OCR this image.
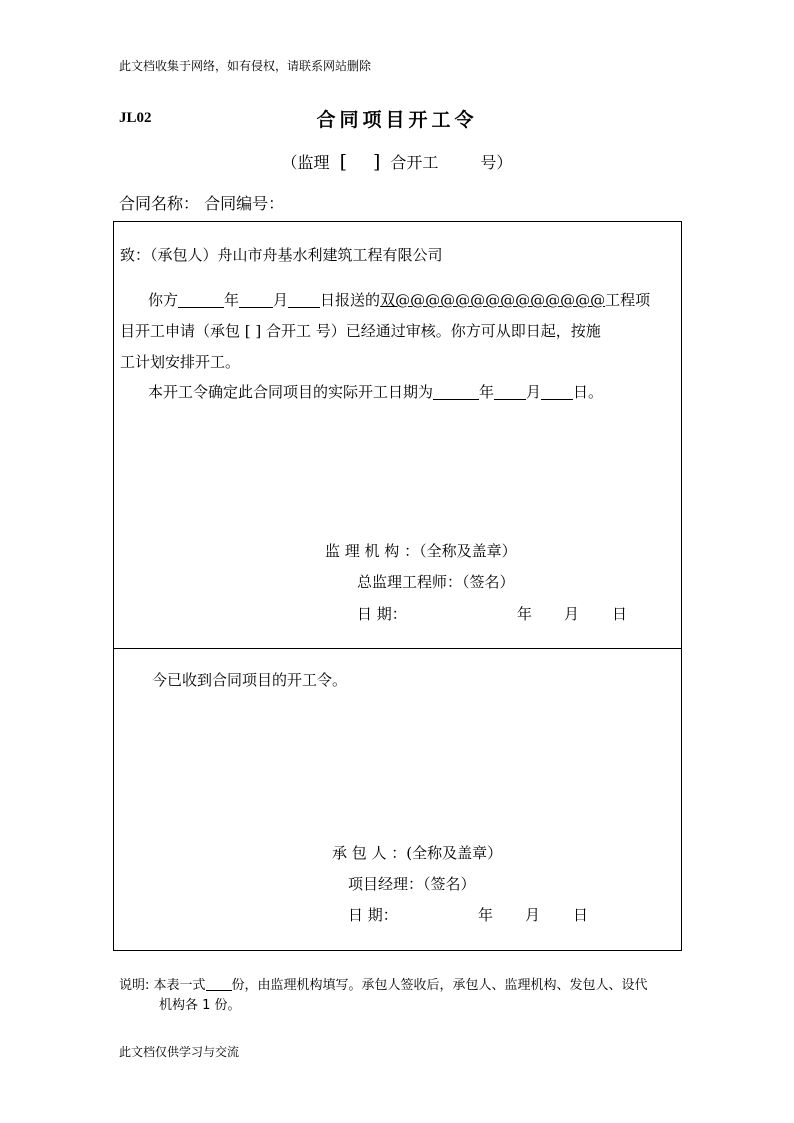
此文档收集于网络，如有侵权，请联系网站删除
JL02	合同项目开工令
（监理 [ ] 合开工	号）
合同名称： 合同编号：
致：（承包人）舟山市舟基水利建筑工程有限公司
你方	年 月 日报送的双@@@@@@@@@@@@@@工程项
目开工申请（承包 [ ] 合开工 号）已经通过审核。你方可从即日起，按施
工计划安排开工。
本开工令确定此合同项目的实际开工日期为	年 月 日。
监 理 机 构 ：（全称及盖章）
总监理工程师：（签名）
日 期：	年 月 日
今已收到合同项目的开工令。
承 包 人 ：(全称及盖章）
项目经理：（签名）
日 期：	年 月 日
说明: 本表一式 份，由监理机构填写。承包人签收后，承包人、监理机构、发包人、设代
机构各 1 份。
此文档仅供学习与交流
